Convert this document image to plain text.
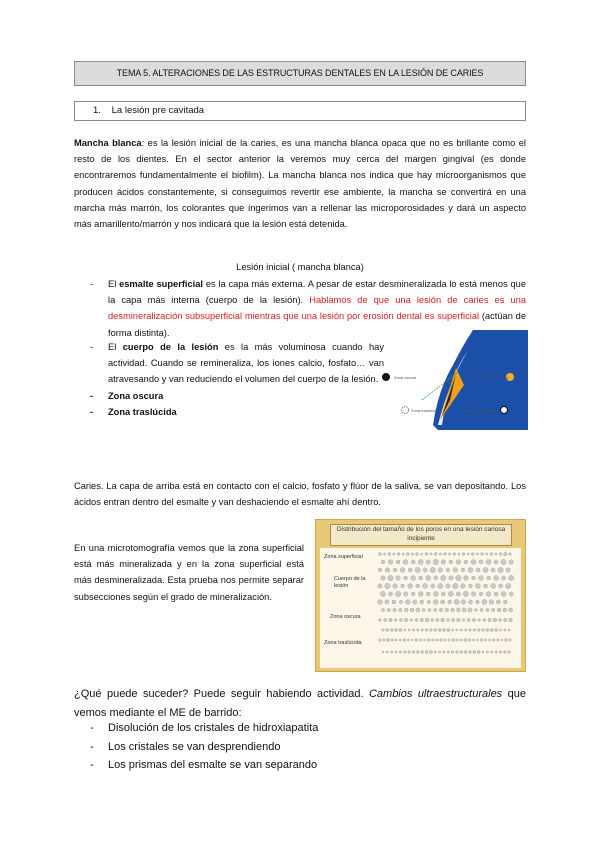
TEMA 5. ALTERACIONES DE LAS ESTRUCTURAS DENTALES EN LA LESIÓN DE CARIES
1. La lesión pre cavitada
Mancha blanca: es la lesión inicial de la caries, es una mancha blanca opaca que no es brillante como el resto de los dientes. En el sector anterior la veremos muy cerca del margen gingival (es donde encontraremos fundamentalmente el biofilm). La mancha blanca nos indica que hay microorganismos que producen ácidos constantemente, si conseguimos revertir ese ambiente, la mancha se convertirá en una marcha más marrón, los colorantes que ingerimos van a rellenar las microporosidades y dará un aspecto más amarillento/marrón y nos indicará que la lesión está detenida.
Lesión inicial ( mancha blanca)
- El esmalte superficial es la capa más externa. A pesar de estar desmineralizada lo está menos que la capa más interna (cuerpo de la lesión). Hablamos de que una lesión de caries es una desmineralización subsuperficial mientras que una lesión por erosión dental es superficial (actúan de forma distinta).
- El cuerpo de la lesión es la más voluminosa cuando hay actividad. Cuando se remineraliza, los iones calcio, fosfato… van atravesando y van reduciendo el volumen del cuerpo de la lesión.
- Zona oscura
- Zona traslúcida
Zona oscura	Cuerpo de la lesión
Zona traslúcida	Esmalte superficial
Caries. La capa de arriba está en contacto con el calcio, fosfato y flúor de la saliva, se van depositando. Los ácidos entran dentro del esmalte y van deshaciendo el esmalte ahí dentro.
En una microtomografía vemos que la zona superficial está más mineralizada y en la zona superficial está más desmineralizada. Esta prueba nos permite separar subsecciones según el grado de mineralización.
Distribución del tamaño de los poros en una lesión cariosa incipiente
Zona superficial
Cuerpo de la lesión
Zona oscura
Zona traslúcida
¿Qué puede suceder? Puede seguir habiendo actividad. Cambios ultraestructurales que vemos mediante el ME de barrido:
- Disolución de los cristales de hidroxiapatita
- Los cristales se van desprendiendo
- Los prismas del esmalte se van separando
